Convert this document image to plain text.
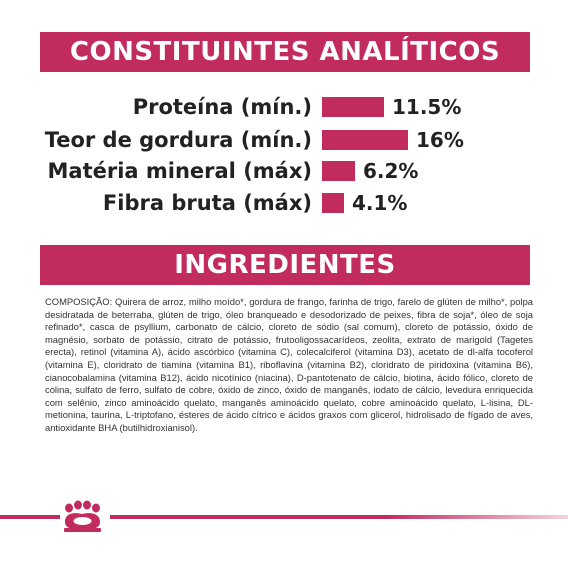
CONSTITUINTES ANALÍTICOS
Proteína (mín.)	11.5%
Teor de gordura (mín.)	16%
Matéria mineral (máx)	6.2%
Fibra bruta (máx) 4.1%
INGREDIENTES

COMPOSIÇÃO: Quirera de arroz, milho moído*, gordura de frango, farinha de trigo, farelo de glúten de milho*, polpa desidratada de beterraba, glúten de trigo, óleo branqueado e desodorizado de peixes, fibra de soja*, óleo de soja refinado*, casca de psyllium, carbonato de cálcio, cloreto de sódio (sal comum), cloreto de potássio, óxido de magnésio, sorbato de potássio, citrato de potássio, frutooligossacarídeos, zeolita, extrato de marigold (Tagetes erecta), retinol (vitamina A), ácido ascórbico (vitamina C), colecalciferol (vitamina D3), acetato de dl-alfa tocoferol (vitamina E), cloridrato de tiamina (vitamina B1), riboflavina (vitamina B2), cloridrato de piridoxina (vitamina B6), cianocobalamina (vitamina B12), ácido nicotínico (niacina), D-pantotenato de cálcio, biotina, ácido fólico, cloreto de colina, sulfato de ferro, sulfato de cobre, óxido de zinco, óxido de manganês, iodato de cálcio, levedura enriquecida com selênio, zinco aminoácido quelato, manganês aminoácido quelato, cobre aminoácido quelato, L-lisina, DL-metionina, taurina, L-triptofano, ésteres de ácido cítrico e ácidos graxos com glicerol, hidrolisado de fígado de aves, antioxidante BHA (butilhidroxianisol).
